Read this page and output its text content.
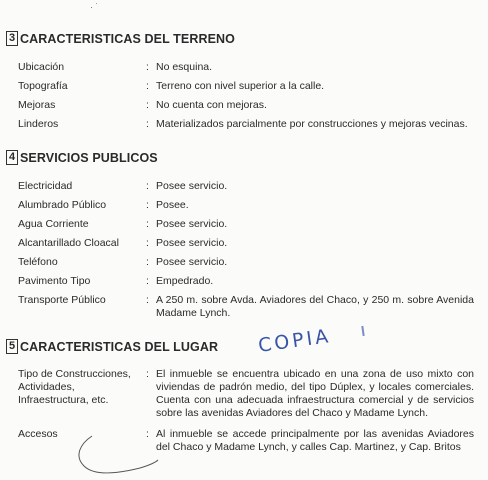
· ˙
3 CARACTERISTICAS DEL TERRENO
Ubicación	: No esquina.
Topografía	: Terreno con nivel superior a la calle.
Mejoras	: No cuenta con mejoras.
Linderos	: Materializados parcialmente por construcciones y mejoras vecinas.
4 SERVICIOS PUBLICOS
Electricidad	: Posee servicio.
Alumbrado Público	: Posee.
Agua Corriente	: Posee servicio.
Alcantarillado Cloacal	: Posee servicio.
Teléfono	: Posee servicio.
Pavimento Tipo	: Empedrado.
Transporte Público	: A 250 m. sobre Avda. Aviadores del Chaco, y 250 m. sobre Avenida Madame Lynch.
COPIA
5 CARACTERISTICAS DEL LUGAR
Tipo de Construcciones, Actividades, Infraestructura, etc.
: El inmueble se encuentra ubicado en una zona de uso mixto con viviendas de padrón medio, del tipo Dúplex, y locales comerciales. Cuenta con una adecuada infraestructura comercial y de servicios sobre las avenidas Aviadores del Chaco y Madame Lynch.
Accesos	: Al inmueble se accede principalmente por las avenidas Aviadores del Chaco y Madame Lynch, y calles Cap. Martinez, y Cap. Britos
